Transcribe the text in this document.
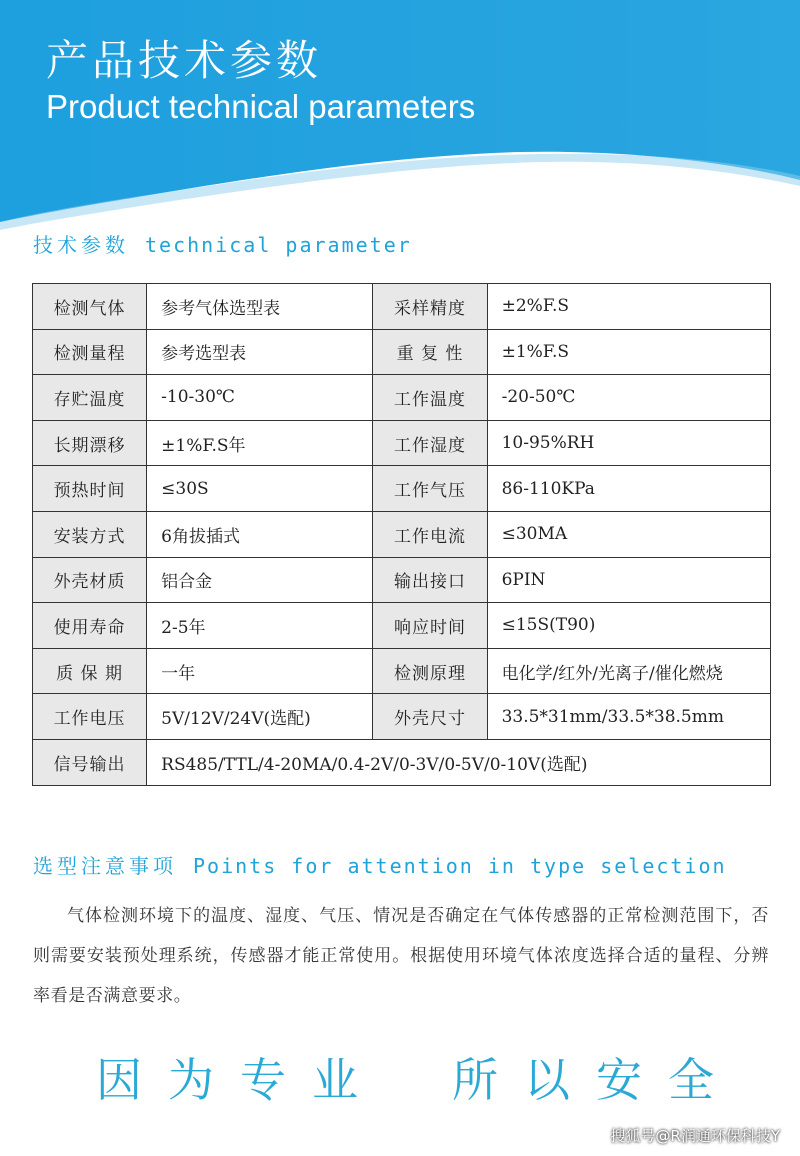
产品技术参数
Product technical parameters
技术参数 technical parameter
检测气体	参考气体选型表	采样精度	±2%F.S
检测量程	参考选型表	重 复 性	±1%F.S
存贮温度	-10-30℃	工作温度	-20-50℃
长期漂移	±1%F.S年	工作湿度	10-95%RH
预热时间	≤30S	工作气压	86-110KPa
安装方式	6角拔插式	工作电流	≤30MA
外壳材质	铝合金	输出接口	6PIN
使用寿命	2-5年	响应时间	≤15S(T90)
质 保 期	一年	检测原理	电化学/红外/光离子/催化燃烧
工作电压	5V/12V/24V(选配)	外壳尺寸	33.5*31mm/33.5*38.5mm
信号输出	RS485/TTL/4-20MA/0.4-2V/0-3V/0-5V/0-10V(选配)		
选型注意事项 Points for attention in type selection

气体检测环境下的温度、湿度、气压、情况是否确定在气体传感器的正常检测范围下，否则需要安装预处理系统，传感器才能正常使用。根据使用环境气体浓度选择合适的量程、分辨率看是否满意要求。

因为专业 所以安全
搜狐号@R润通环保科技Y
